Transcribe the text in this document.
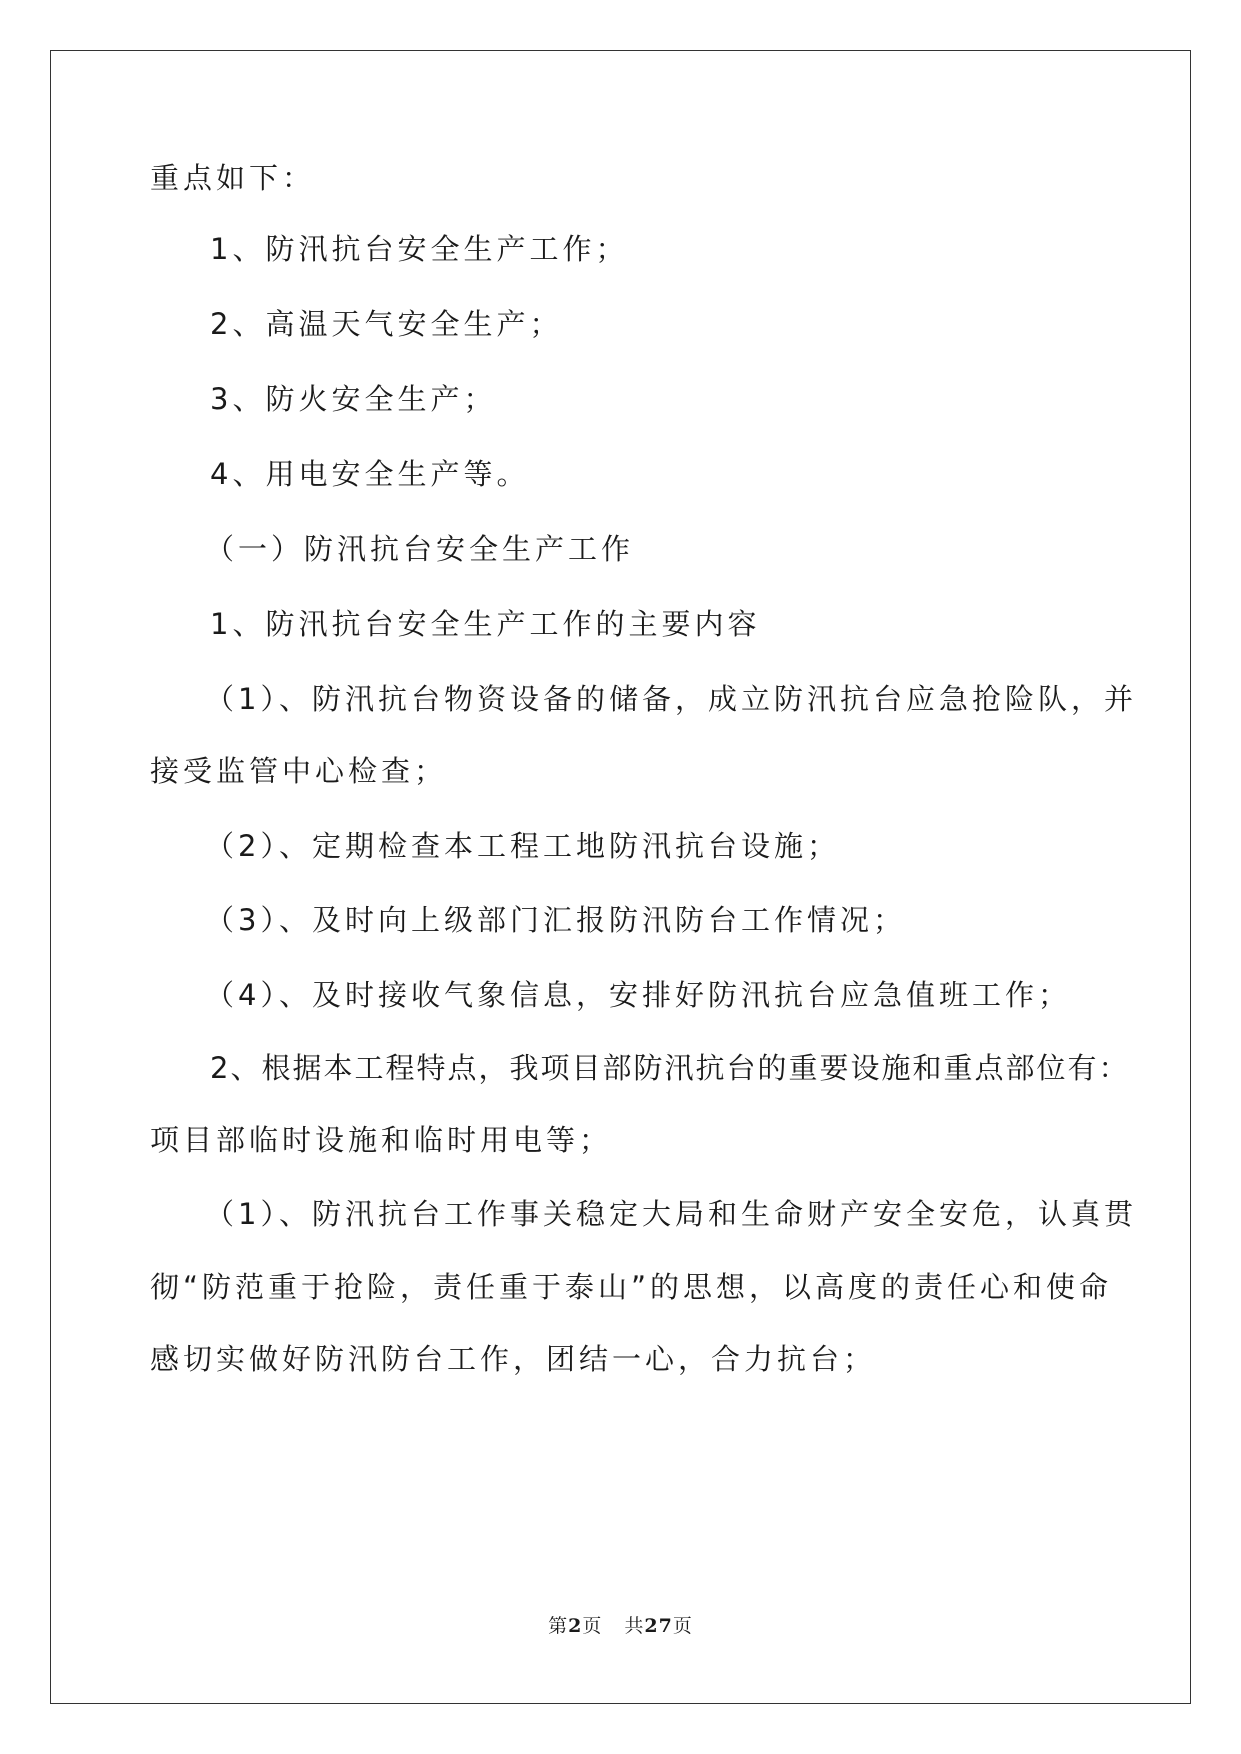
重点如下：
1、防汛抗台安全生产工作；
2、高温天气安全生产；
3、防火安全生产；
4、用电安全生产等。
（一）防汛抗台安全生产工作
1、防汛抗台安全生产工作的主要内容
（1）、防汛抗台物资设备的储备，成立防汛抗台应急抢险队，并
接受监管中心检查；
（2）、定期检查本工程工地防汛抗台设施；
（3）、及时向上级部门汇报防汛防台工作情况；
（4）、及时接收气象信息，安排好防汛抗台应急值班工作；
2、根据本工程特点，我项目部防汛抗台的重要设施和重点部位有：
项目部临时设施和临时用电等；
（1）、防汛抗台工作事关稳定大局和生命财产安全安危，认真贯
彻“防范重于抢险，责任重于泰山”的思想，以高度的责任心和使命
感切实做好防汛防台工作，团结一心，合力抗台；
第2页 共27页
